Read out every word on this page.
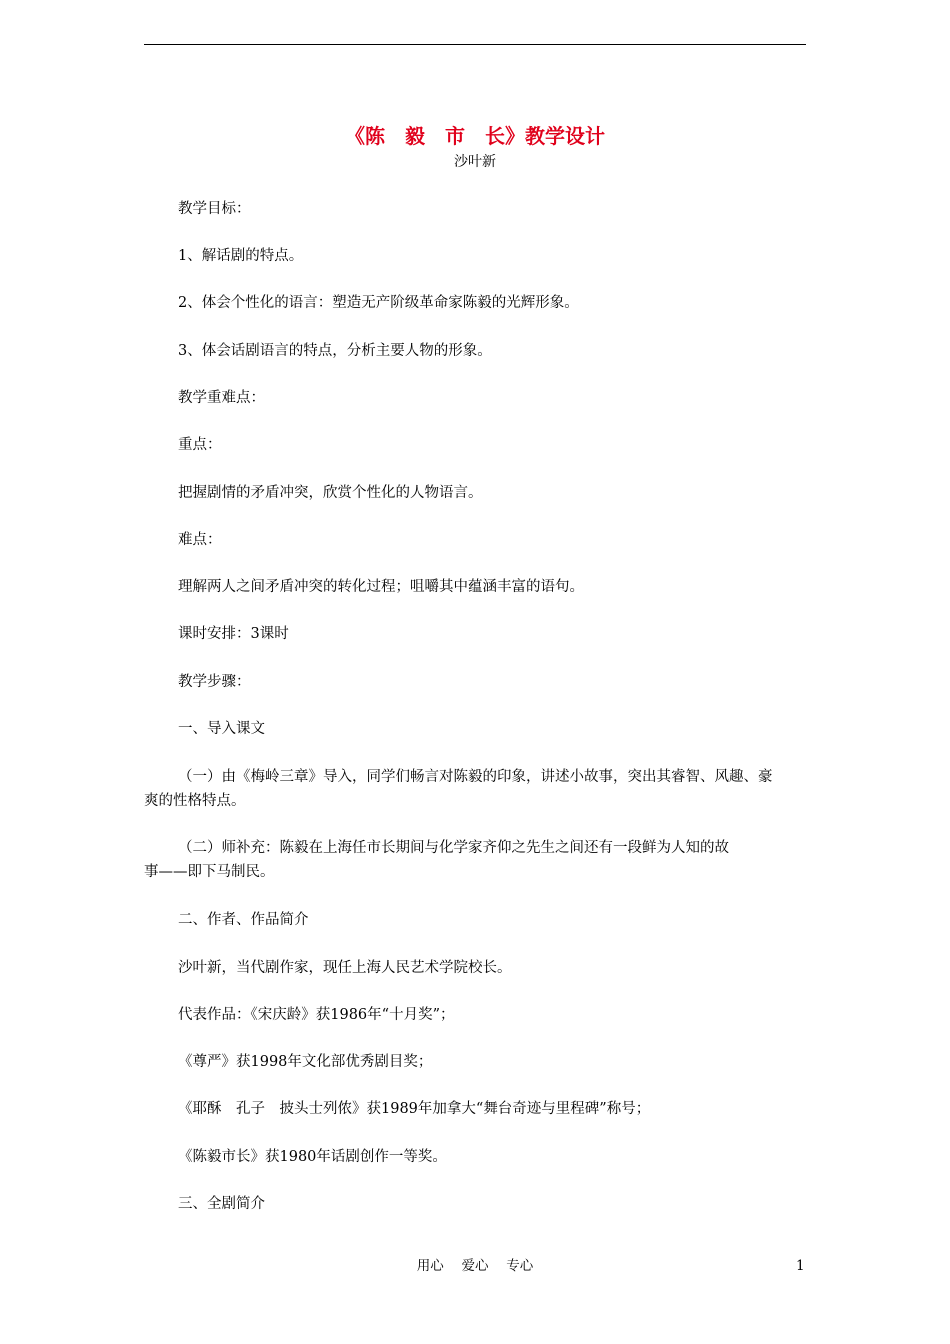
《陈　毅　市　长》教学设计
沙叶新
教学目标：
1、解话剧的特点。
2、体会个性化的语言：塑造无产阶级革命家陈毅的光辉形象。
3、体会话剧语言的特点，分析主要人物的形象。
教学重难点：
重点：
把握剧情的矛盾冲突，欣赏个性化的人物语言。
难点：
理解两人之间矛盾冲突的转化过程；咀嚼其中蕴涵丰富的语句。
课时安排：3课时
教学步骤：
一、导入课文
（一）由《梅岭三章》导入，同学们畅言对陈毅的印象，讲述小故事，突出其睿智、风趣、豪
爽的性格特点。
（二）师补充：陈毅在上海任市长期间与化学家齐仰之先生之间还有一段鲜为人知的故
事——即下马制民。
二、作者、作品简介
沙叶新，当代剧作家，现任上海人民艺术学院校长。
代表作品：《宋庆龄》获1986年“十月奖”；
《尊严》获1998年文化部优秀剧目奖；
《耶酥　孔子　披头士列侬》获1989年加拿大“舞台奇迹与里程碑”称号；
《陈毅市长》获1980年话剧创作一等奖。
三、全剧简介
用心　 爱心 　专心	1
